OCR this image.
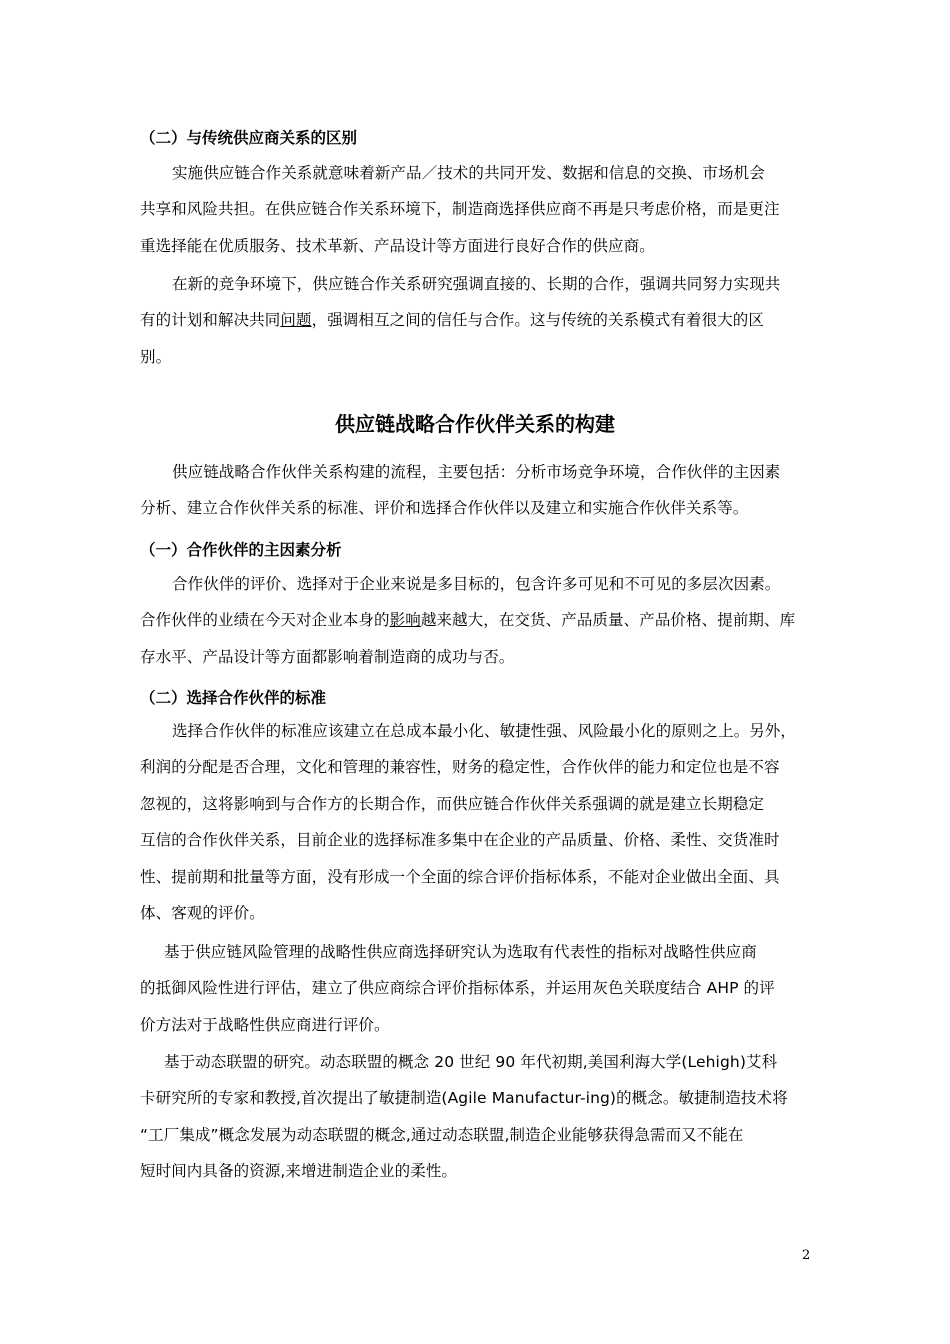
（二）与传统供应商关系的区别
实施供应链合作关系就意味着新产品／技术的共同开发、数据和信息的交换、市场机会
共享和风险共担。在供应链合作关系环境下，制造商选择供应商不再是只考虑价格，而是更注
重选择能在优质服务、技术革新、产品设计等方面进行良好合作的供应商。
在新的竞争环境下，供应链合作关系研究强调直接的、长期的合作，强调共同努力实现共
有的计划和解决共同问题，强调相互之间的信任与合作。这与传统的关系模式有着很大的区
别。
供应链战略合作伙伴关系的构建
供应链战略合作伙伴关系构建的流程，主要包括：分析市场竞争环境，合作伙伴的主因素
分析、建立合作伙伴关系的标准、评价和选择合作伙伴以及建立和实施合作伙伴关系等。
（一）合作伙伴的主因素分析
合作伙伴的评价、选择对于企业来说是多目标的，包含许多可见和不可见的多层次因素。
合作伙伴的业绩在今天对企业本身的影响越来越大，在交货、产品质量、产品价格、提前期、库
存水平、产品设计等方面都影响着制造商的成功与否。
（二）选择合作伙伴的标准
选择合作伙伴的标准应该建立在总成本最小化、敏捷性强、风险最小化的原则之上。另外，
利润的分配是否合理，文化和管理的兼容性，财务的稳定性，合作伙伴的能力和定位也是不容
忽视的，这将影响到与合作方的长期合作，而供应链合作伙伴关系强调的就是建立长期稳定
互信的合作伙伴关系，目前企业的选择标准多集中在企业的产品质量、价格、柔性、交货准时
性、提前期和批量等方面，没有形成一个全面的综合评价指标体系，不能对企业做出全面、具
体、客观的评价。
基于供应链风险管理的战略性供应商选择研究认为选取有代表性的指标对战略性供应商
的抵御风险性进行评估，建立了供应商综合评价指标体系，并运用灰色关联度结合 AHP 的评
价方法对于战略性供应商进行评价。
基于动态联盟的研究。动态联盟的概念 20 世纪 90 年代初期,美国利海大学(Lehigh)艾科
卡研究所的专家和教授,首次提出了敏捷制造(Agile Manufactur-ing)的概念。敏捷制造技术将
“工厂集成”概念发展为动态联盟的概念,通过动态联盟,制造企业能够获得急需而又不能在
短时间内具备的资源,来增进制造企业的柔性。
2
